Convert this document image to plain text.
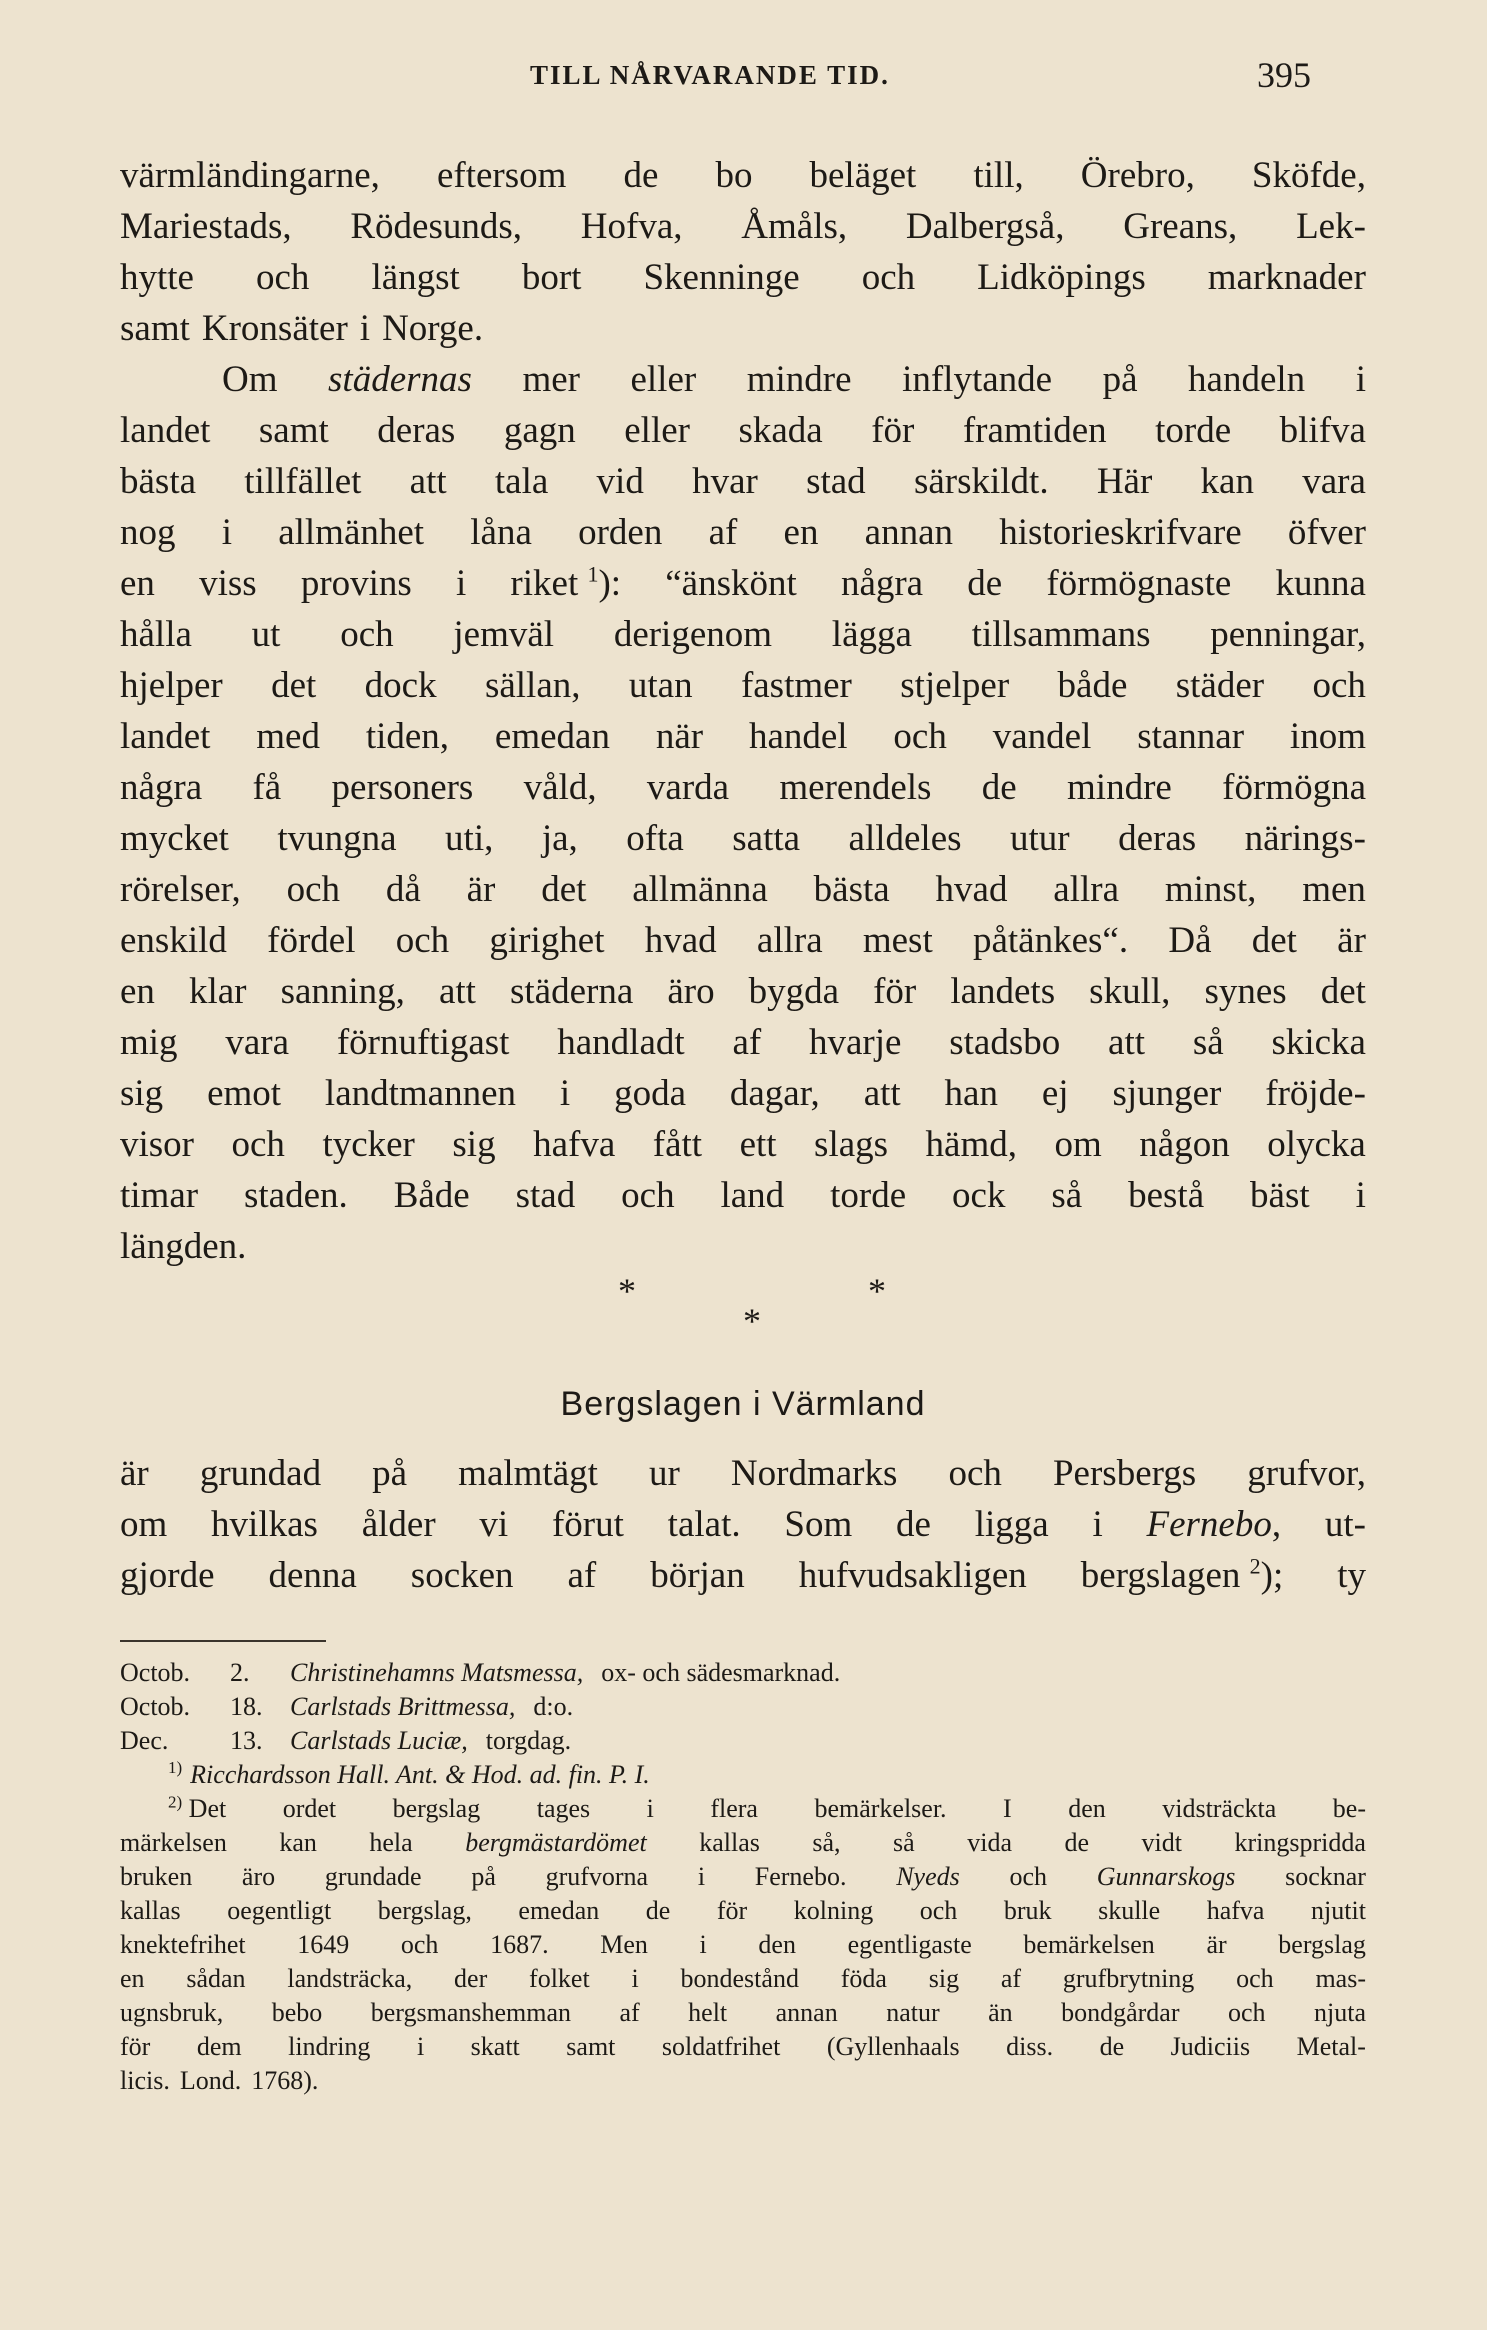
TILL NÅRVARANDE TID.	395
värmländingarne, eftersom de bo beläget till, Örebro, Sköfde,
Mariestads, Rödesunds, Hofva, Åmåls, Dalbergså, Greans, Lek-
hytte och längst bort Skenninge och Lidköpings marknader
samt Kronsäter i Norge.
Om städernas mer eller mindre inflytande på handeln i
landet samt deras gagn eller skada för framtiden torde blifva
bästa tillfället att tala vid hvar stad särskildt. Här kan vara
nog i allmänhet låna orden af en annan historieskrifvare öfver
en viss provins i riket $^1$): “änskönt några de förmögnaste kunna
hålla ut och jemväl derigenom lägga tillsammans penningar,
hjelper det dock sällan, utan fastmer stjelper både städer och
landet med tiden, emedan när handel och vandel stannar inom
några få personers våld, varda merendels de mindre förmögna
mycket tvungna uti, ja, ofta satta alldeles utur deras närings-
rörelser, och då är det allmänna bästa hvad allra minst, men
enskild fördel och girighet hvad allra mest påtänkes“. Då det är
en klar sanning, att städerna äro bygda för landets skull, synes det
mig vara förnuftigast handladt af hvarje stadsbo att så skicka
sig emot landtmannen i goda dagar, att han ej sjunger fröjde-
visor och tycker sig hafva fått ett slags hämd, om någon olycka
timar staden. Både stad och land torde ock så bestå bäst i
längden.
*	*
*
Bergslagen i Värmland
är grundad på malmtägt ur Nordmarks och Persbergs grufvor,
om hvilkas ålder vi förut talat. Som de ligga i Fernebo, ut-
gjorde denna socken af början hufvudsakligen bergslagen $^2$); ty
Octob. 2. Christinehamns Matsmessa, ox- och sädesmarknad.
Octob. 18. Carlstads Brittmessa, d:o.
Dec. 13. Carlstads Luciæ, torgdag.
$^{1)}$ Ricchardsson Hall. Ant. & Hod. ad. fin. P. I.
$^{2)}$ Det ordet bergslag tages i flera bemärkelser. I den vidsträckta be-
märkelsen kan hela bergmästardömet kallas så, så vida de vidt kringspridda
bruken äro grundade på grufvorna i Fernebo. Nyeds och Gunnarskogs socknar
kallas oegentligt bergslag, emedan de för kolning och bruk skulle hafva njutit
knektefrihet 1649 och 1687. Men i den egentligaste bemärkelsen är bergslag
en sådan landsträcka, der folket i bondestånd föda sig af grufbrytning och mas-
ugnsbruk, bebo bergsmanshemman af helt annan natur än bondgårdar och njuta
för dem lindring i skatt samt soldatfrihet (Gyllenhaals diss. de Judiciis Metal-
licis. Lond. 1768).
